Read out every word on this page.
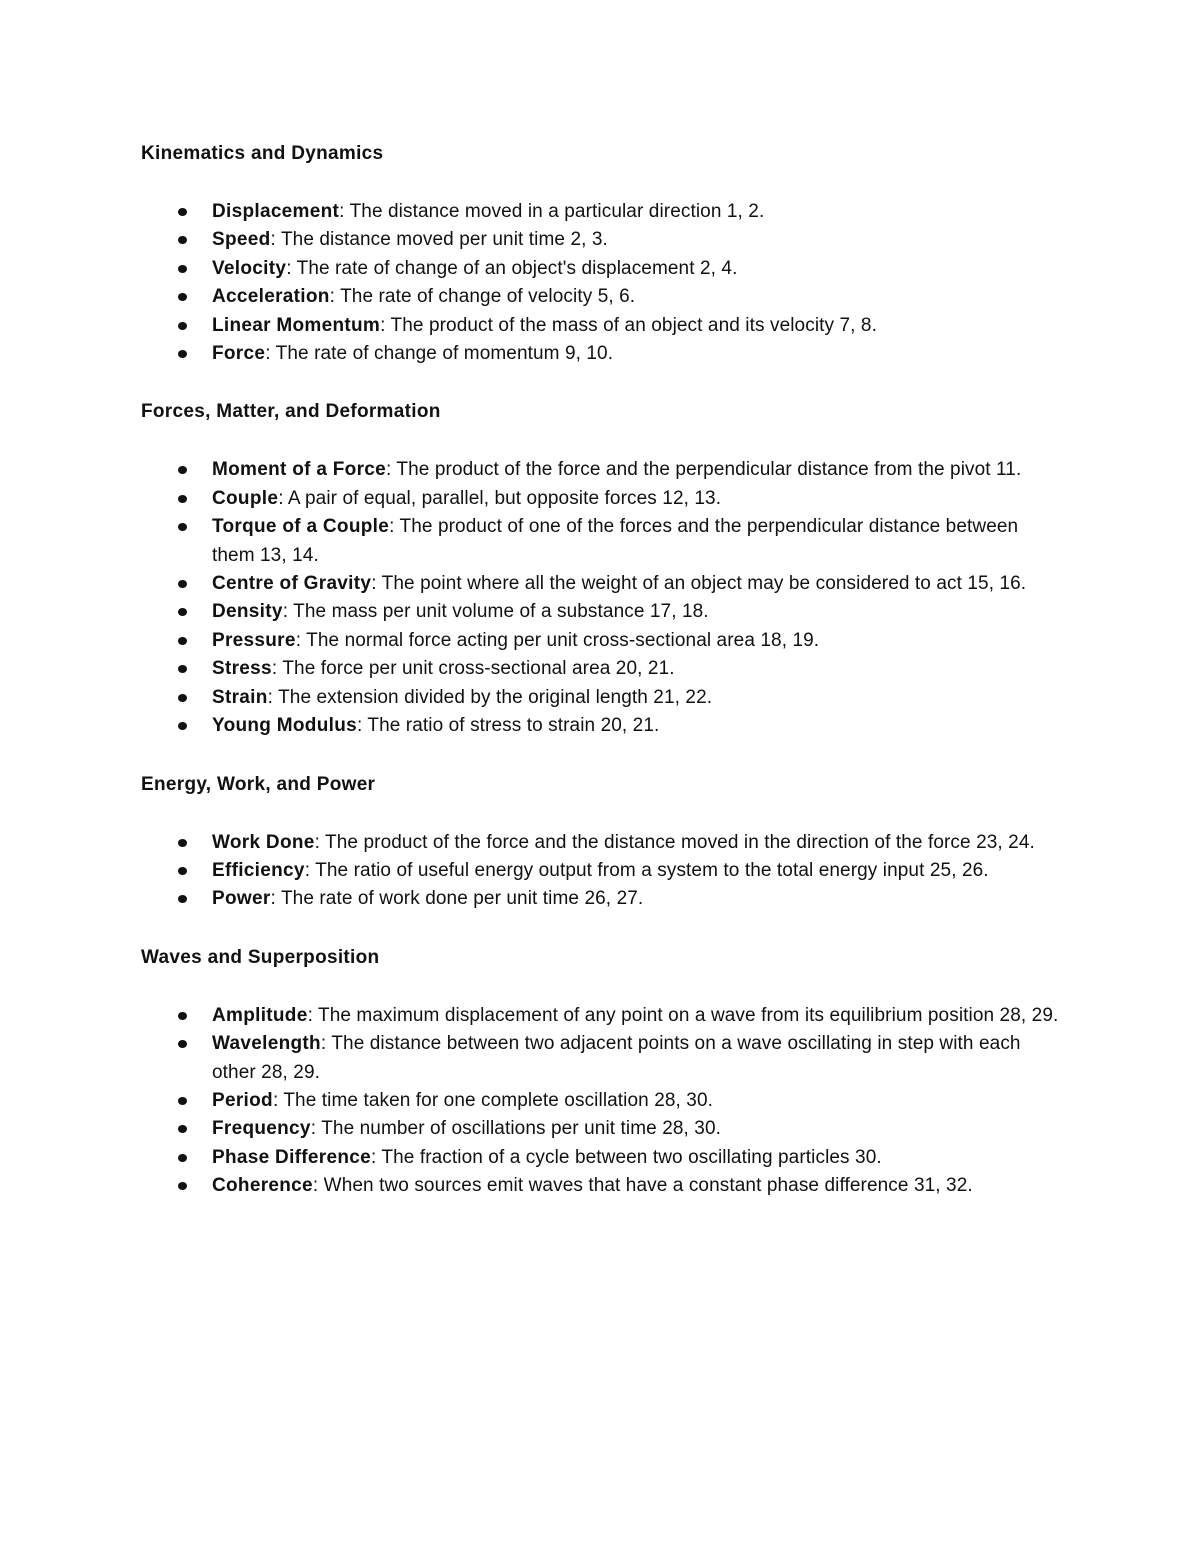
Kinematics and Dynamics
Displacement: The distance moved in a particular direction 1, 2.
Speed: The distance moved per unit time 2, 3.
Velocity: The rate of change of an object's displacement 2, 4.
Acceleration: The rate of change of velocity 5, 6.
Linear Momentum: The product of the mass of an object and its velocity 7, 8.
Force: The rate of change of momentum 9, 10.
Forces, Matter, and Deformation
Moment of a Force: The product of the force and the perpendicular distance from the pivot 11.
Couple: A pair of equal, parallel, but opposite forces 12, 13.
Torque of a Couple: The product of one of the forces and the perpendicular distance between them 13, 14.
Centre of Gravity: The point where all the weight of an object may be considered to act 15, 16.
Density: The mass per unit volume of a substance 17, 18.
Pressure: The normal force acting per unit cross-sectional area 18, 19.
Stress: The force per unit cross-sectional area 20, 21.
Strain: The extension divided by the original length 21, 22.
Young Modulus: The ratio of stress to strain 20, 21.
Energy, Work, and Power
Work Done: The product of the force and the distance moved in the direction of the force 23, 24.
Efficiency: The ratio of useful energy output from a system to the total energy input 25, 26.
Power: The rate of work done per unit time 26, 27.
Waves and Superposition
Amplitude: The maximum displacement of any point on a wave from its equilibrium position 28, 29.
Wavelength: The distance between two adjacent points on a wave oscillating in step with each other 28, 29.
Period: The time taken for one complete oscillation 28, 30.
Frequency: The number of oscillations per unit time 28, 30.
Phase Difference: The fraction of a cycle between two oscillating particles 30.
Coherence: When two sources emit waves that have a constant phase difference 31, 32.
